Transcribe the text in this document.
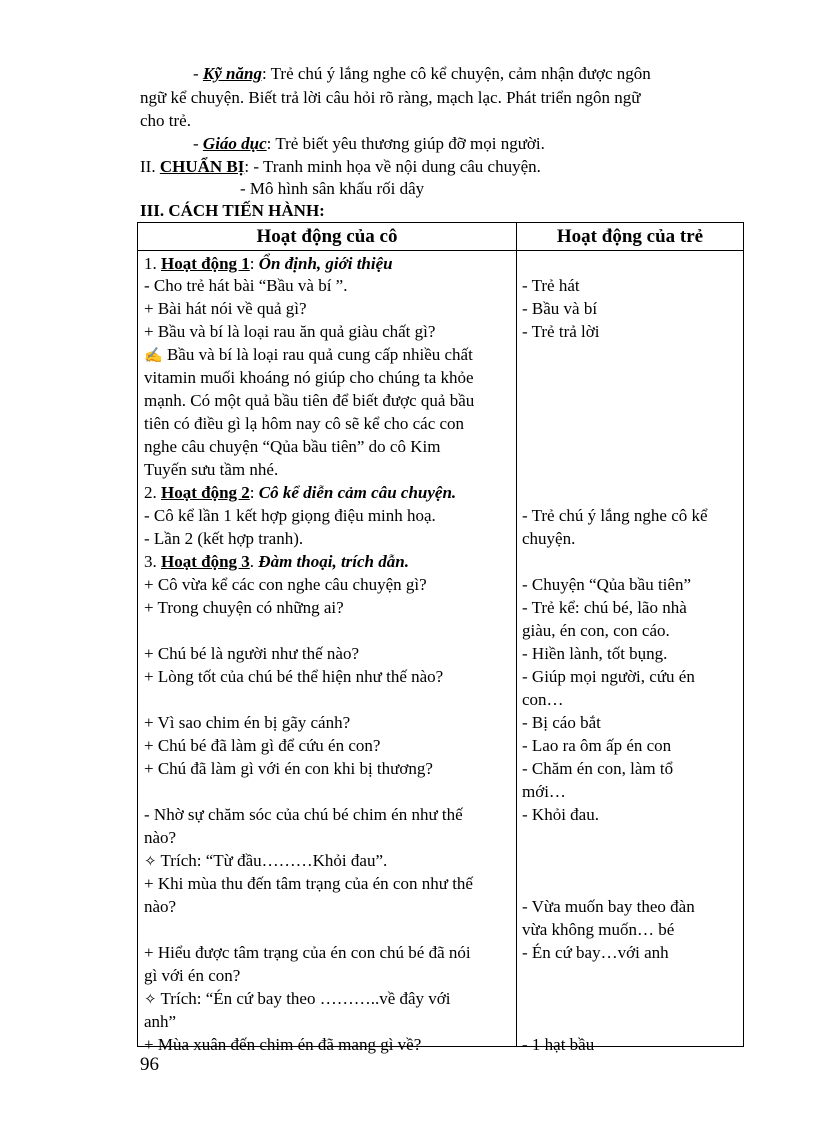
- Kỹ năng: Trẻ chú ý lắng nghe cô kể chuyện, cảm nhận được ngôn
ngữ kể chuyện. Biết trả lời câu hỏi rõ ràng, mạch lạc. Phát triển ngôn ngữ
cho trẻ.
- Giáo dục: Trẻ biết yêu thương giúp đỡ mọi người.
II. CHUẨN BỊ: - Tranh minh họa về nội dung câu chuyện.
- Mô hình sân khấu rối dây
III. CÁCH TIẾN HÀNH:
Hoạt động của cô	Hoạt động của trẻ
1. Hoạt động 1: Ổn định, giới thiệu
- Cho trẻ hát bài “Bầu và bí ”.
+ Bài hát nói về quả gì?
+ Bầu và bí là loại rau ăn quả giàu chất gì?
✍ Bầu và bí là loại rau quả cung cấp nhiều chất
vitamin muối khoáng nó giúp cho chúng ta khỏe
mạnh. Có một quả bầu tiên để biết được quả bầu
tiên có điều gì lạ hôm nay cô sẽ kể cho các con
nghe câu chuyện “Qủa bầu tiên” do cô Kim
Tuyến sưu tầm nhé.
2. Hoạt động 2: Cô kể diễn cảm câu chuyện.
- Cô kể lần 1 kết hợp giọng điệu minh hoạ.
- Lần 2 (kết hợp tranh).
3. Hoạt động 3. Đàm thoại, trích dẫn.
+ Cô vừa kể các con nghe câu chuyện gì?
+ Trong chuyện có những ai?
+ Chú bé là người như thế nào?
+ Lòng tốt của chú bé thể hiện như thế nào?
+ Vì sao chim én bị gãy cánh?
+ Chú bé đã làm gì để cứu én con?
+ Chú đã làm gì với én con khi bị thương?
- Nhờ sự chăm sóc của chú bé chim én như thế
nào?
✧ Trích: “Từ đầu………Khỏi đau”.
+ Khi mùa thu đến tâm trạng của én con như thế
nào?
+ Hiểu được tâm trạng của én con chú bé đã nói
gì với én con?
✧ Trích: “Én cứ bay theo ………..về đây với
anh”
+ Mùa xuân đến chim én đã mang gì về?
- Trẻ hát
- Bầu và bí
- Trẻ trả lời
- Trẻ chú ý lắng nghe cô kể
chuyện.
- Chuyện “Qủa bầu tiên”
- Trẻ kể: chú bé, lão nhà
giàu, én con, con cáo.
- Hiền lành, tốt bụng.
- Giúp mọi người, cứu én
con…
- Bị cáo bắt
- Lao ra ôm ấp én con
- Chăm én con, làm tổ
mới…
- Khỏi đau.
- Vừa muốn bay theo đàn
vừa không muốn… bé
- Én cứ bay…với anh
- 1 hạt bầu
96
